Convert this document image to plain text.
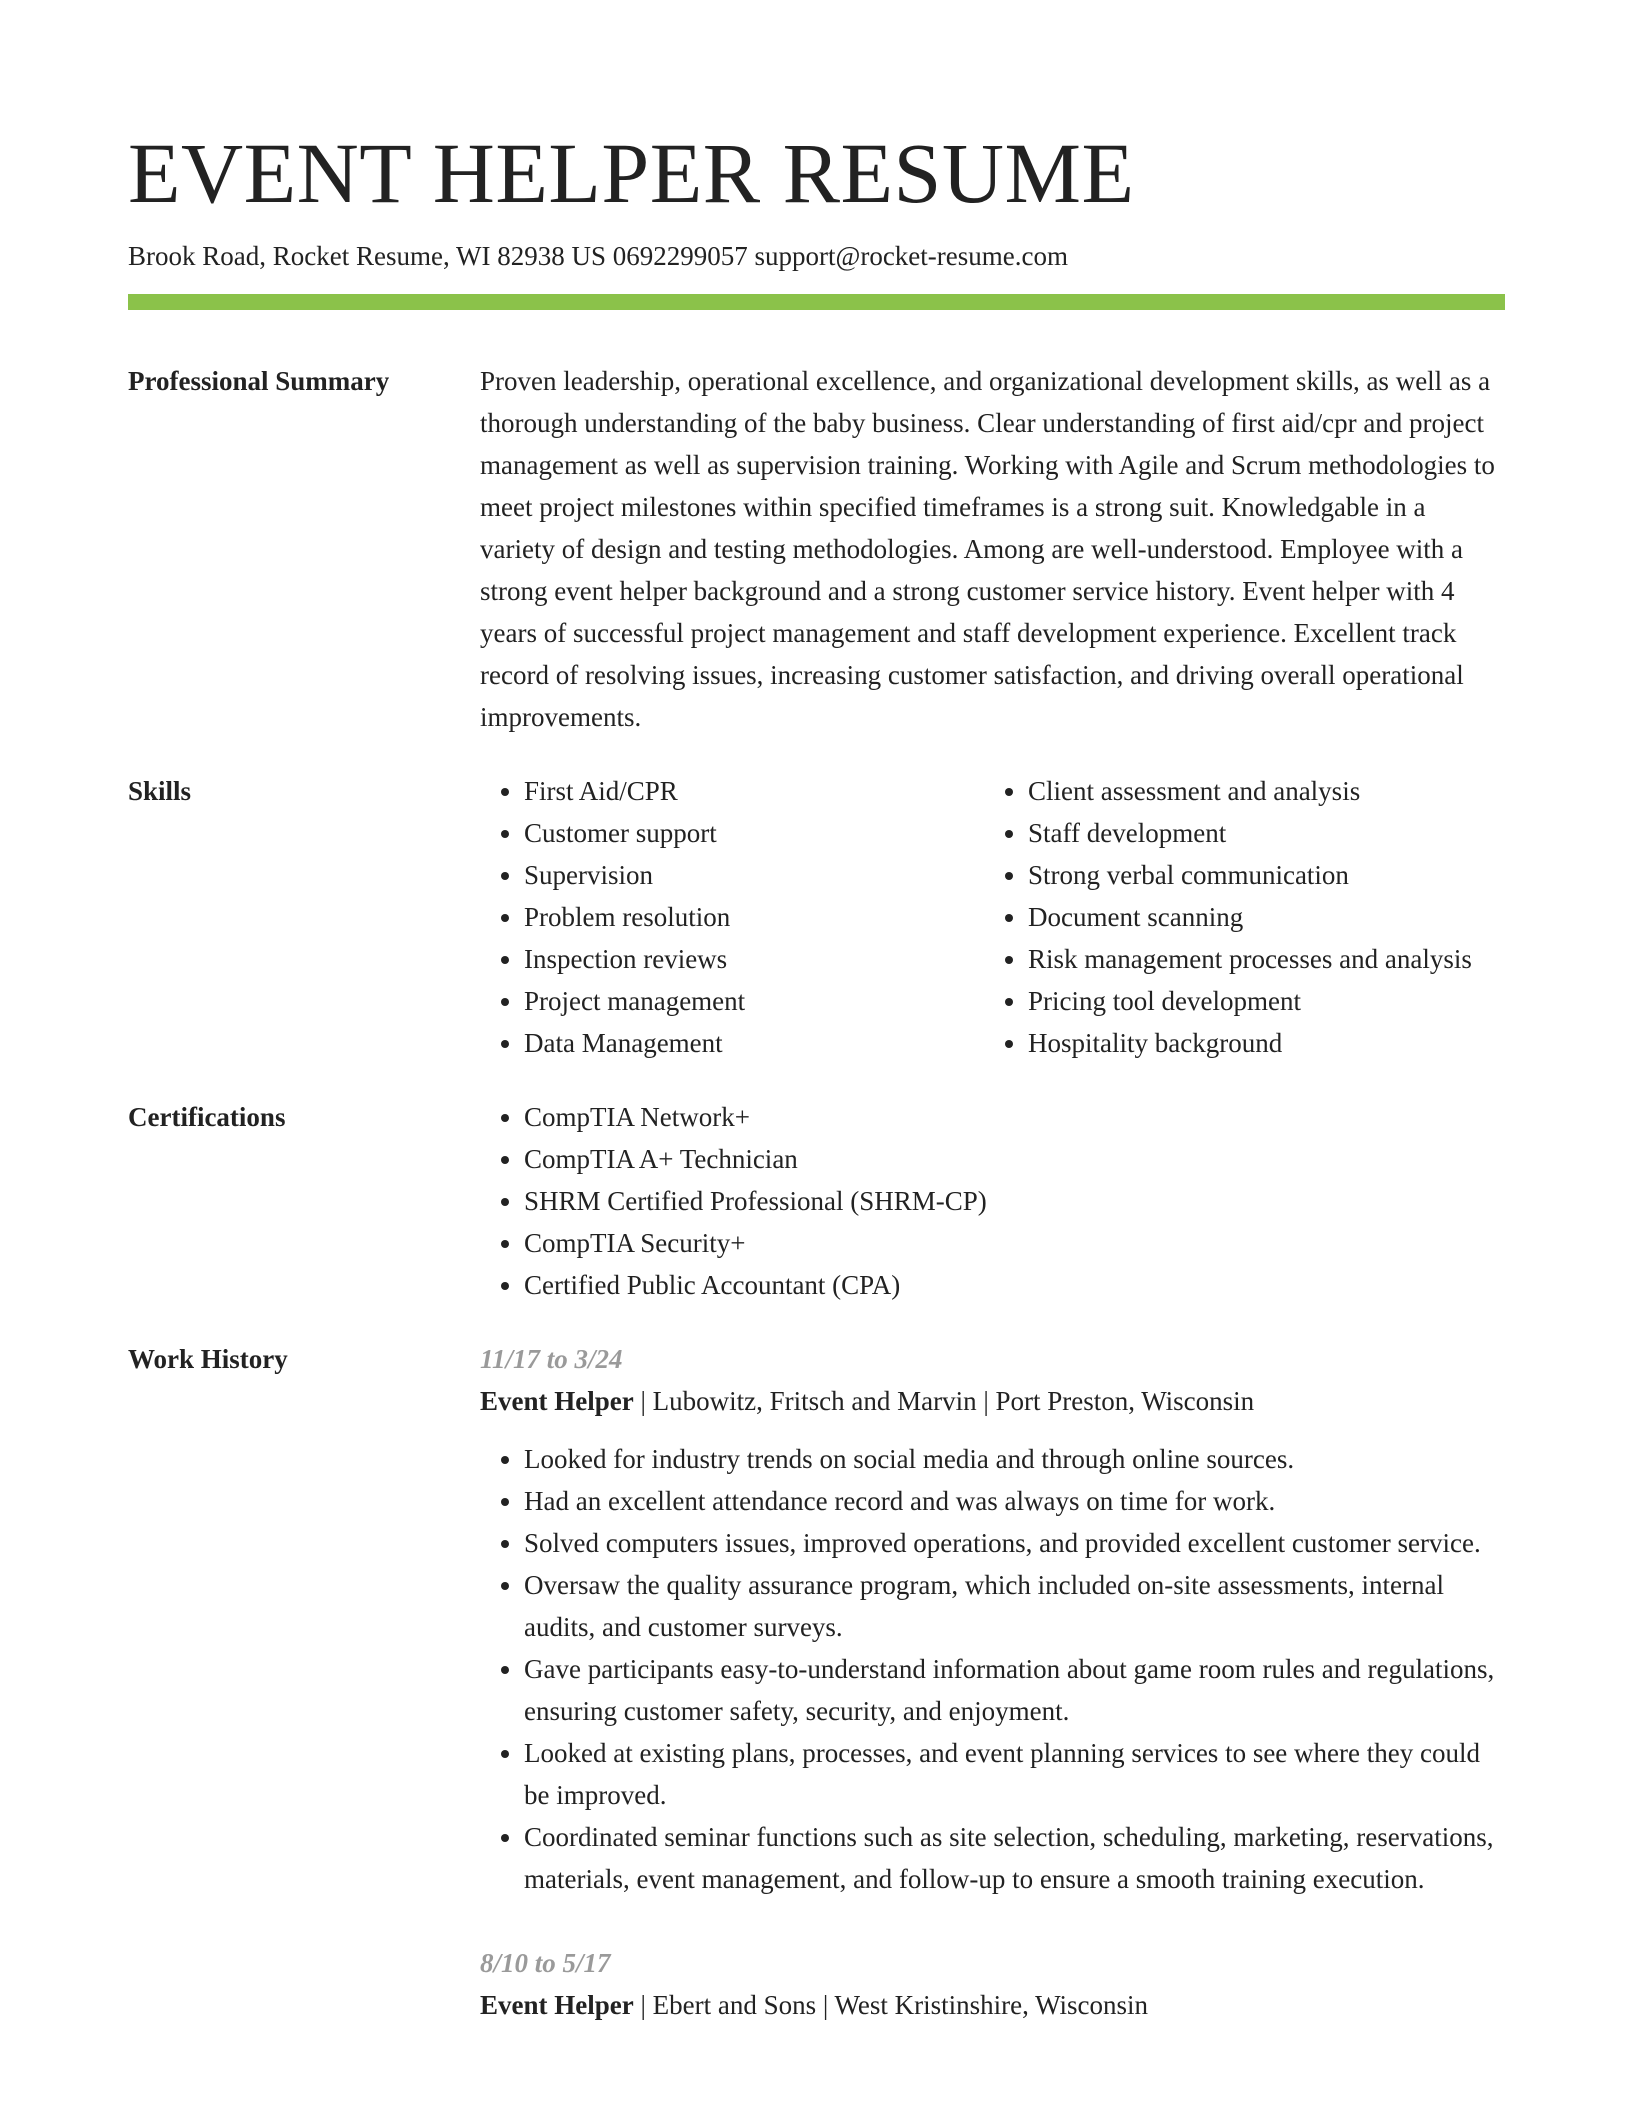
EVENT HELPER RESUME
Brook Road, Rocket Resume, WI 82938 US 0692299057 support@rocket-resume.com
Professional Summary	Proven leadership, operational excellence, and organizational development skills, as well as a thorough understanding of the baby business. Clear understanding of first aid/cpr and project management as well as supervision training. Working with Agile and Scrum methodologies to meet project milestones within specified timeframes is a strong suit. Knowledgable in a variety of design and testing methodologies. Among are well-understood. Employee with a strong event helper background and a strong customer service history. Event helper with 4 years of successful project management and staff development experience. Excellent track record of resolving issues, increasing customer satisfaction, and driving overall operational improvements.

Skills	• First Aid/CPR
• Customer support
• Supervision
• Problem resolution
• Inspection reviews
• Project management
• Data Management
• Client assessment and analysis
• Staff development
• Strong verbal communication
• Document scanning
• Risk management processes and analysis
• Pricing tool development
• Hospitality background
Certifications	• CompTIA Network+
• CompTIA A+ Technician
• SHRM Certified Professional (SHRM-CP)
• CompTIA Security+
• Certified Public Accountant (CPA)
Work History	11/17 to 3/24
Event Helper | Lubowitz, Fritsch and Marvin | Port Preston, Wisconsin
• Looked for industry trends on social media and through online sources.
• Had an excellent attendance record and was always on time for work.
• Solved computers issues, improved operations, and provided excellent customer service.
• Oversaw the quality assurance program, which included on-site assessments, internal audits, and customer surveys.
• Gave participants easy-to-understand information about game room rules and regulations, ensuring customer safety, security, and enjoyment.
• Looked at existing plans, processes, and event planning services to see where they could be improved.
• Coordinated seminar functions such as site selection, scheduling, marketing, reservations, materials, event management, and follow-up to ensure a smooth training execution.
8/10 to 5/17
Event Helper | Ebert and Sons | West Kristinshire, Wisconsin
